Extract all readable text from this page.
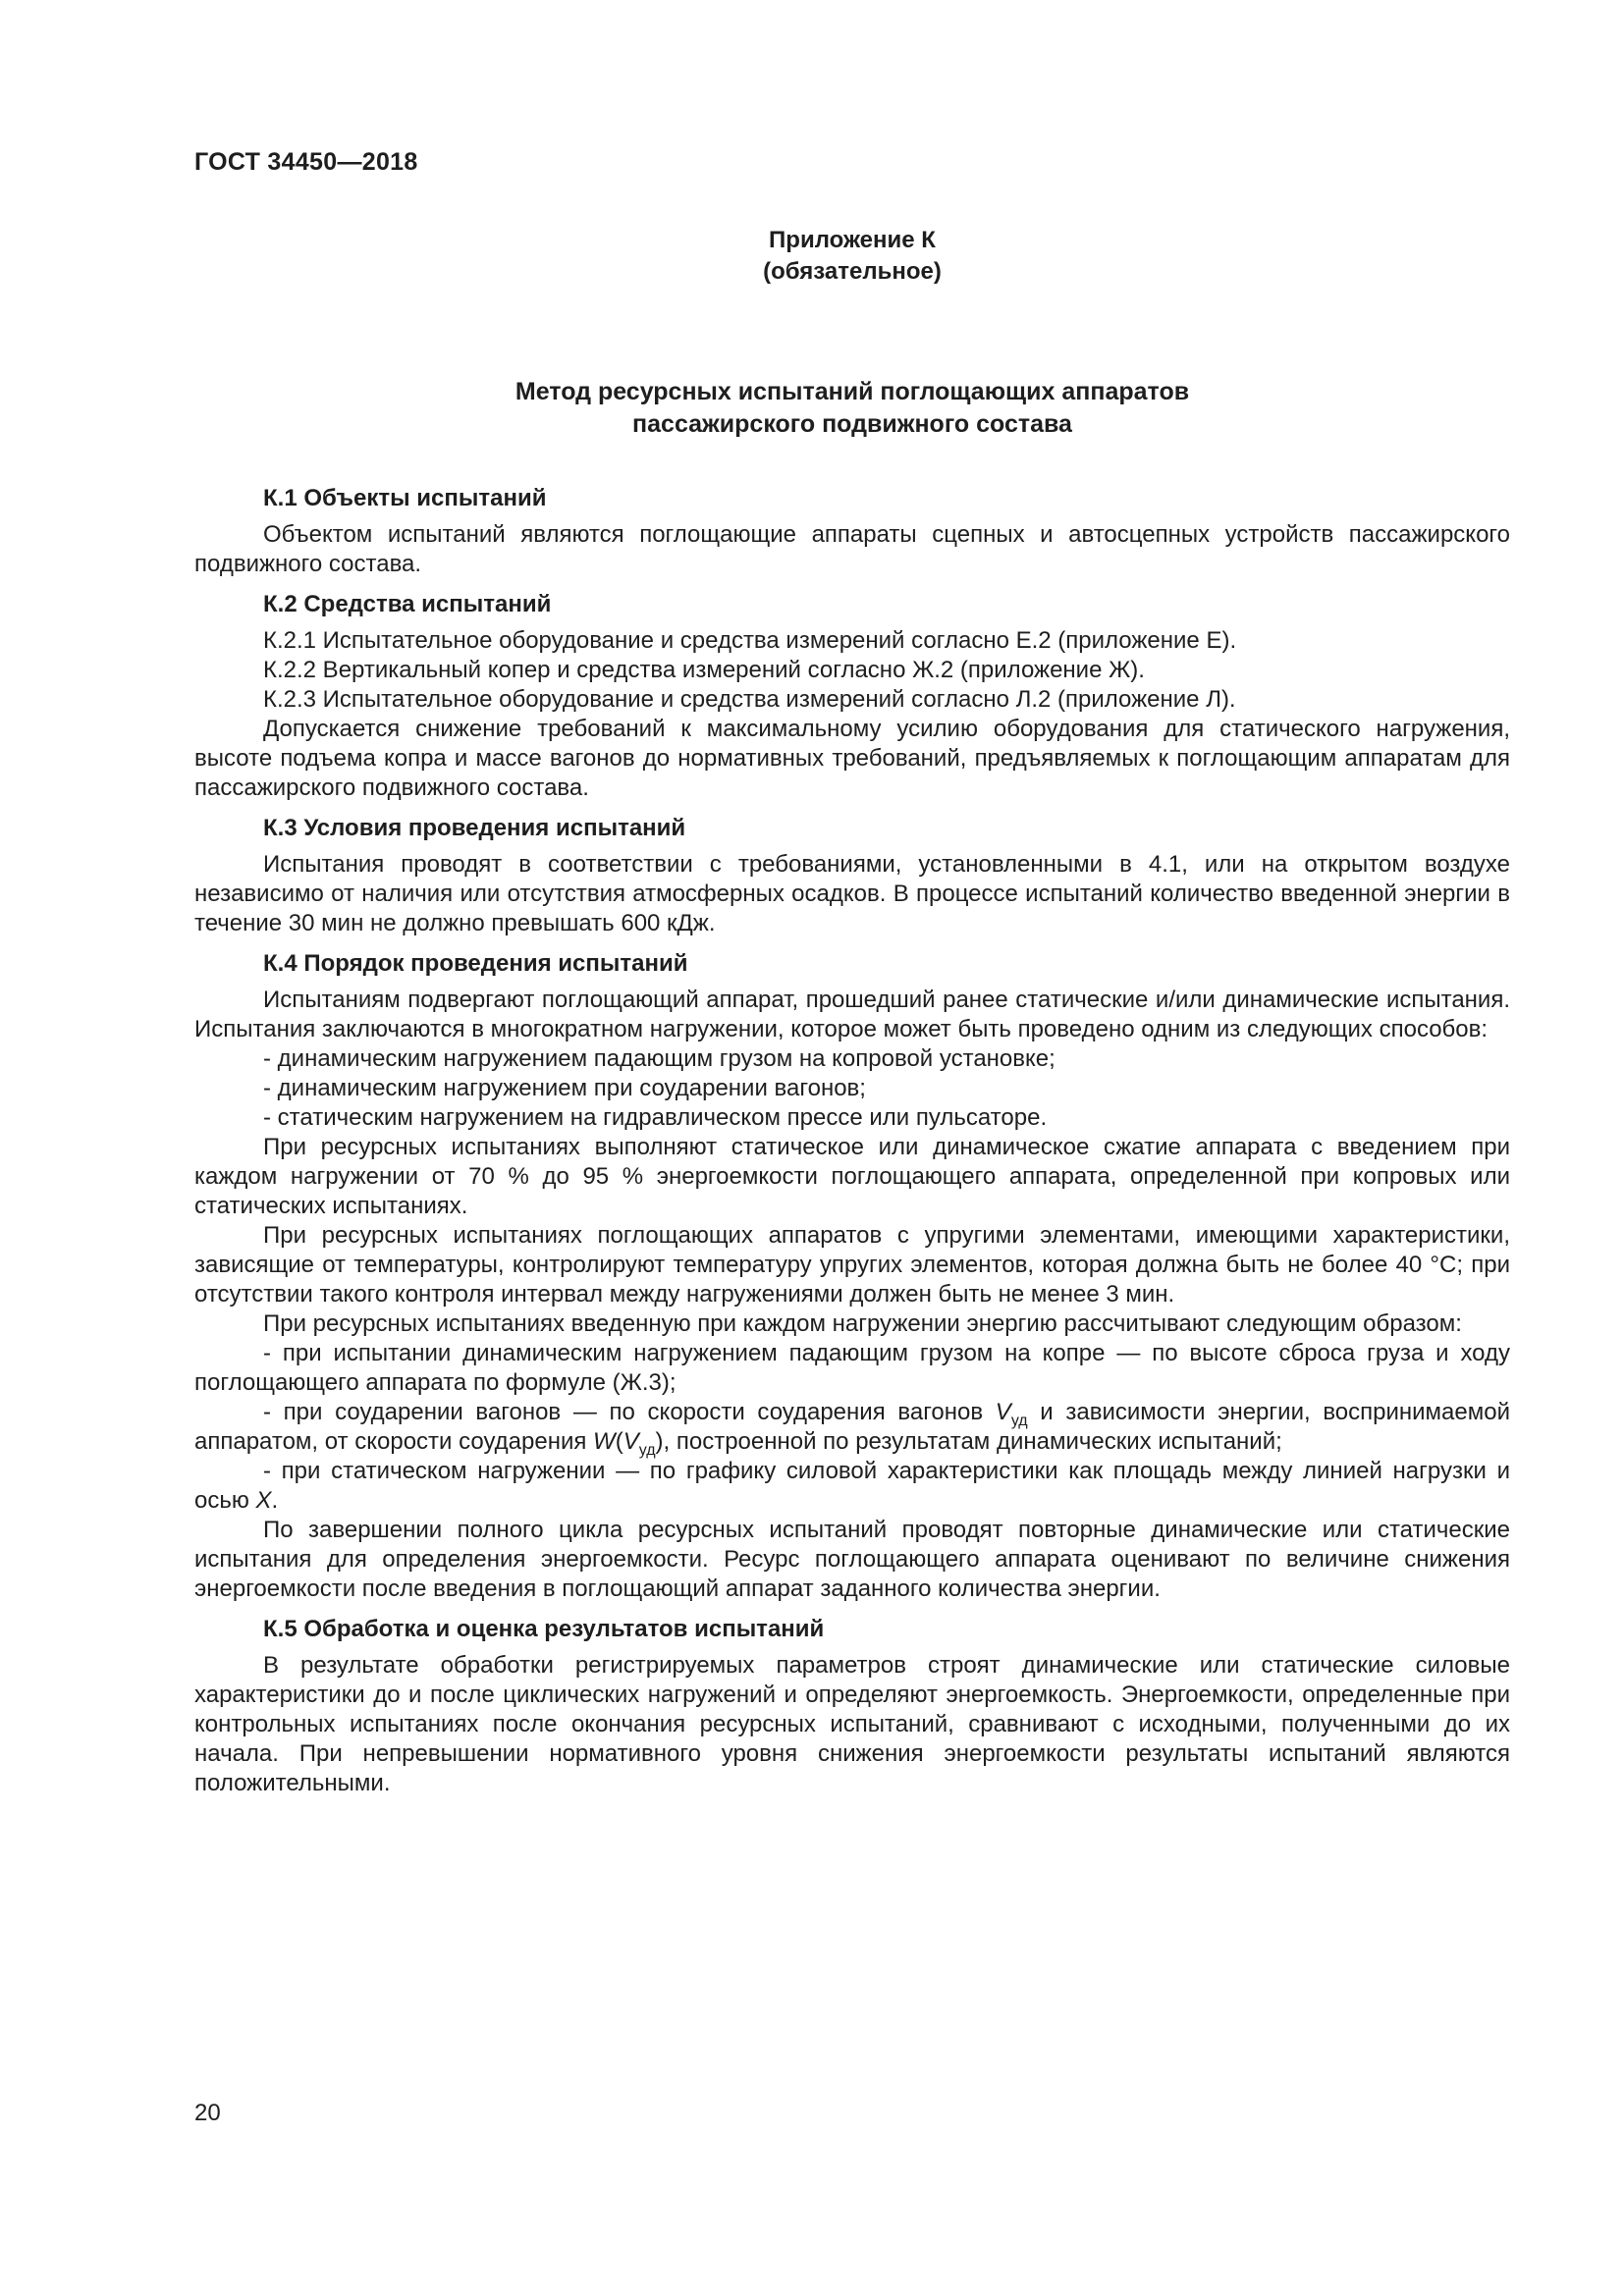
ГОСТ 34450—2018
Приложение К
(обязательное)
Метод ресурсных испытаний поглощающих аппаратов
пассажирского подвижного состава
К.1 Объекты испытаний

Объектом испытаний являются поглощающие аппараты сцепных и автосцепных устройств пассажирского подвижного состава.

К.2 Средства испытаний

К.2.1 Испытательное оборудование и средства измерений согласно Е.2 (приложение Е).

К.2.2 Вертикальный копер и средства измерений согласно Ж.2 (приложение Ж).

К.2.3 Испытательное оборудование и средства измерений согласно Л.2 (приложение Л).

Допускается снижение требований к максимальному усилию оборудования для статического нагружения, высоте подъема копра и массе вагонов до нормативных требований, предъявляемых к поглощающим аппаратам для пассажирского подвижного состава.

К.3 Условия проведения испытаний

Испытания проводят в соответствии с требованиями, установленными в 4.1, или на открытом воздухе независимо от наличия или отсутствия атмосферных осадков. В процессе испытаний количество введенной энергии в течение 30 мин не должно превышать 600 кДж.

К.4 Порядок проведения испытаний

Испытаниям подвергают поглощающий аппарат, прошедший ранее статические и/или динамические испытания. Испытания заключаются в многократном нагружении, которое может быть проведено одним из следующих способов:

- динамическим нагружением падающим грузом на копровой установке;

- динамическим нагружением при соударении вагонов;

- статическим нагружением на гидравлическом прессе или пульсаторе.

При ресурсных испытаниях выполняют статическое или динамическое сжатие аппарата с введением при каждом нагружении от 70 % до 95 % энергоемкости поглощающего аппарата, определенной при копровых или статических испытаниях.

При ресурсных испытаниях поглощающих аппаратов с упругими элементами, имеющими характеристики, зависящие от температуры, контролируют температуру упругих элементов, которая должна быть не более 40 °С; при отсутствии такого контроля интервал между нагружениями должен быть не менее 3 мин.

При ресурсных испытаниях введенную при каждом нагружении энергию рассчитывают следующим образом:

- при испытании динамическим нагружением падающим грузом на копре — по высоте сброса груза и ходу поглощающего аппарата по формуле (Ж.3);

- при соударении вагонов — по скорости соударения вагонов $V_{уд}$ и зависимости энергии, воспринимаемой аппаратом, от скорости соударения $W(V_{уд})$, построенной по результатам динамических испытаний;

- при статическом нагружении — по графику силовой характеристики как площадь между линией нагрузки и осью X.

По завершении полного цикла ресурсных испытаний проводят повторные динамические или статические испытания для определения энергоемкости. Ресурс поглощающего аппарата оценивают по величине снижения энергоемкости после введения в поглощающий аппарат заданного количества энергии.

К.5 Обработка и оценка результатов испытаний

В результате обработки регистрируемых параметров строят динамические или статические силовые характеристики до и после циклических нагружений и определяют энергоемкость. Энергоемкости, определенные при контрольных испытаниях после окончания ресурсных испытаний, сравнивают с исходными, полученными до их начала. При непревышении нормативного уровня снижения энергоемкости результаты испытаний являются положительными.

20
